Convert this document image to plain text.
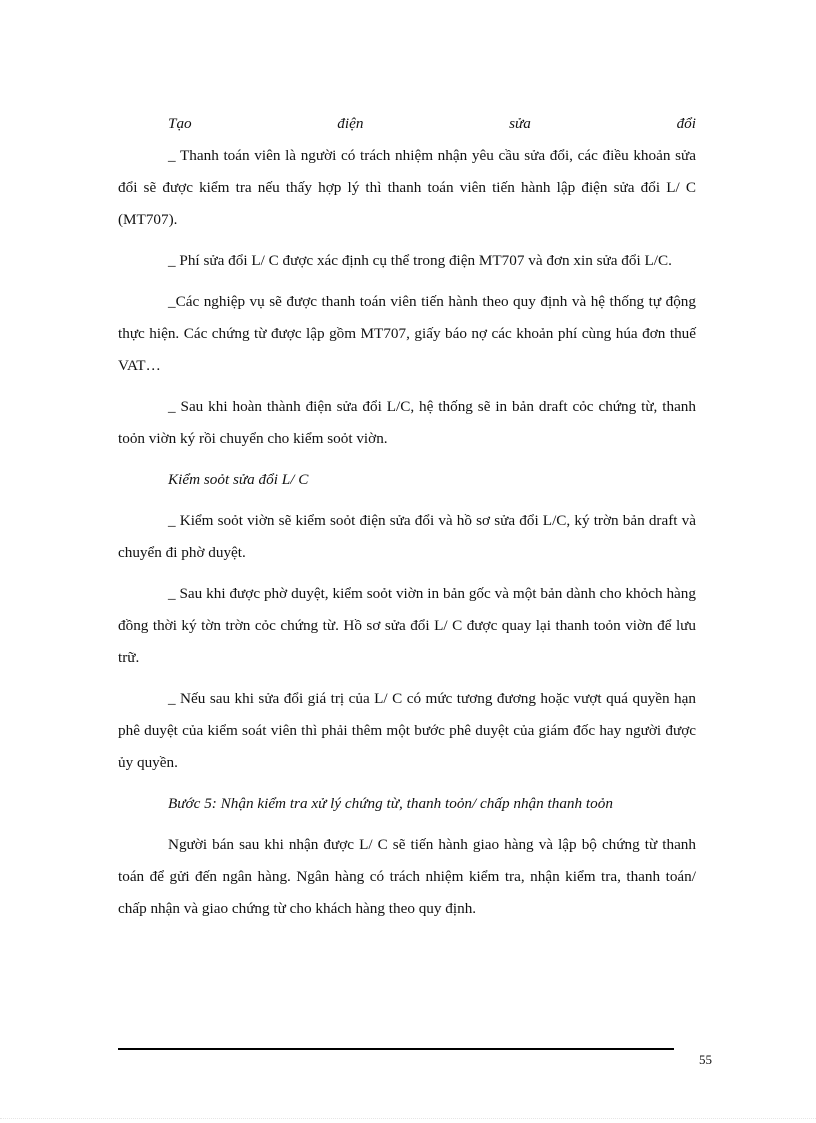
Tạo	điện	sửa	đổi

_ Thanh toán viên là người có trách nhiệm nhận yêu cầu sửa đổi, các điều khoản sửa đổi sẽ được kiểm tra nếu thấy hợp lý thì thanh toán viên tiến hành lập điện sửa đổi L/ C (MT707).

_ Phí sửa đổi L/ C được xác định cụ thể trong điện MT707 và đơn xin sửa đổi L/C.

_Các nghiệp vụ sẽ được thanh toán viên tiến hành theo quy định và hệ thống tự động thực hiện. Các chứng từ được lập gồm MT707, giấy báo nợ các khoản phí cùng húa đơn thuế VAT…

_ Sau khi hoàn thành điện sửa đổi L/C, hệ thống sẽ in bản draft cỏc chứng từ, thanh toỏn viờn ký rồi chuyển cho kiểm soỏt viờn.

Kiểm soỏt sửa đổi L/ C

_ Kiểm soỏt viờn sẽ kiểm soỏt điện sửa đổi và hồ sơ sửa đổi L/C, ký trờn bản draft và chuyển đi phờ duyệt.

_ Sau khi được phờ duyệt, kiểm soỏt viờn in bản gốc và một bản dành cho khỏch hàng đồng thời ký tờn trờn cỏc chứng từ. Hồ sơ sửa đổi L/ C được quay lại thanh toỏn viờn để lưu trữ.

_ Nếu sau khi sửa đổi giá trị của L/ C có mức tương đương hoặc vượt quá quyền hạn phê duyệt của kiểm soát viên thì phải thêm một bước phê duyệt của giám đốc hay người được ủy quyền.

Bước 5: Nhận kiểm tra xử lý chứng từ, thanh toỏn/ chấp nhận thanh toỏn

Người bán sau khi nhận được L/ C sẽ tiến hành giao hàng và lập bộ chứng từ thanh toán để gửi đến ngân hàng. Ngân hàng có trách nhiệm kiểm tra, nhận kiểm tra, thanh toán/ chấp nhận và giao chứng từ cho khách hàng theo quy định.

55
